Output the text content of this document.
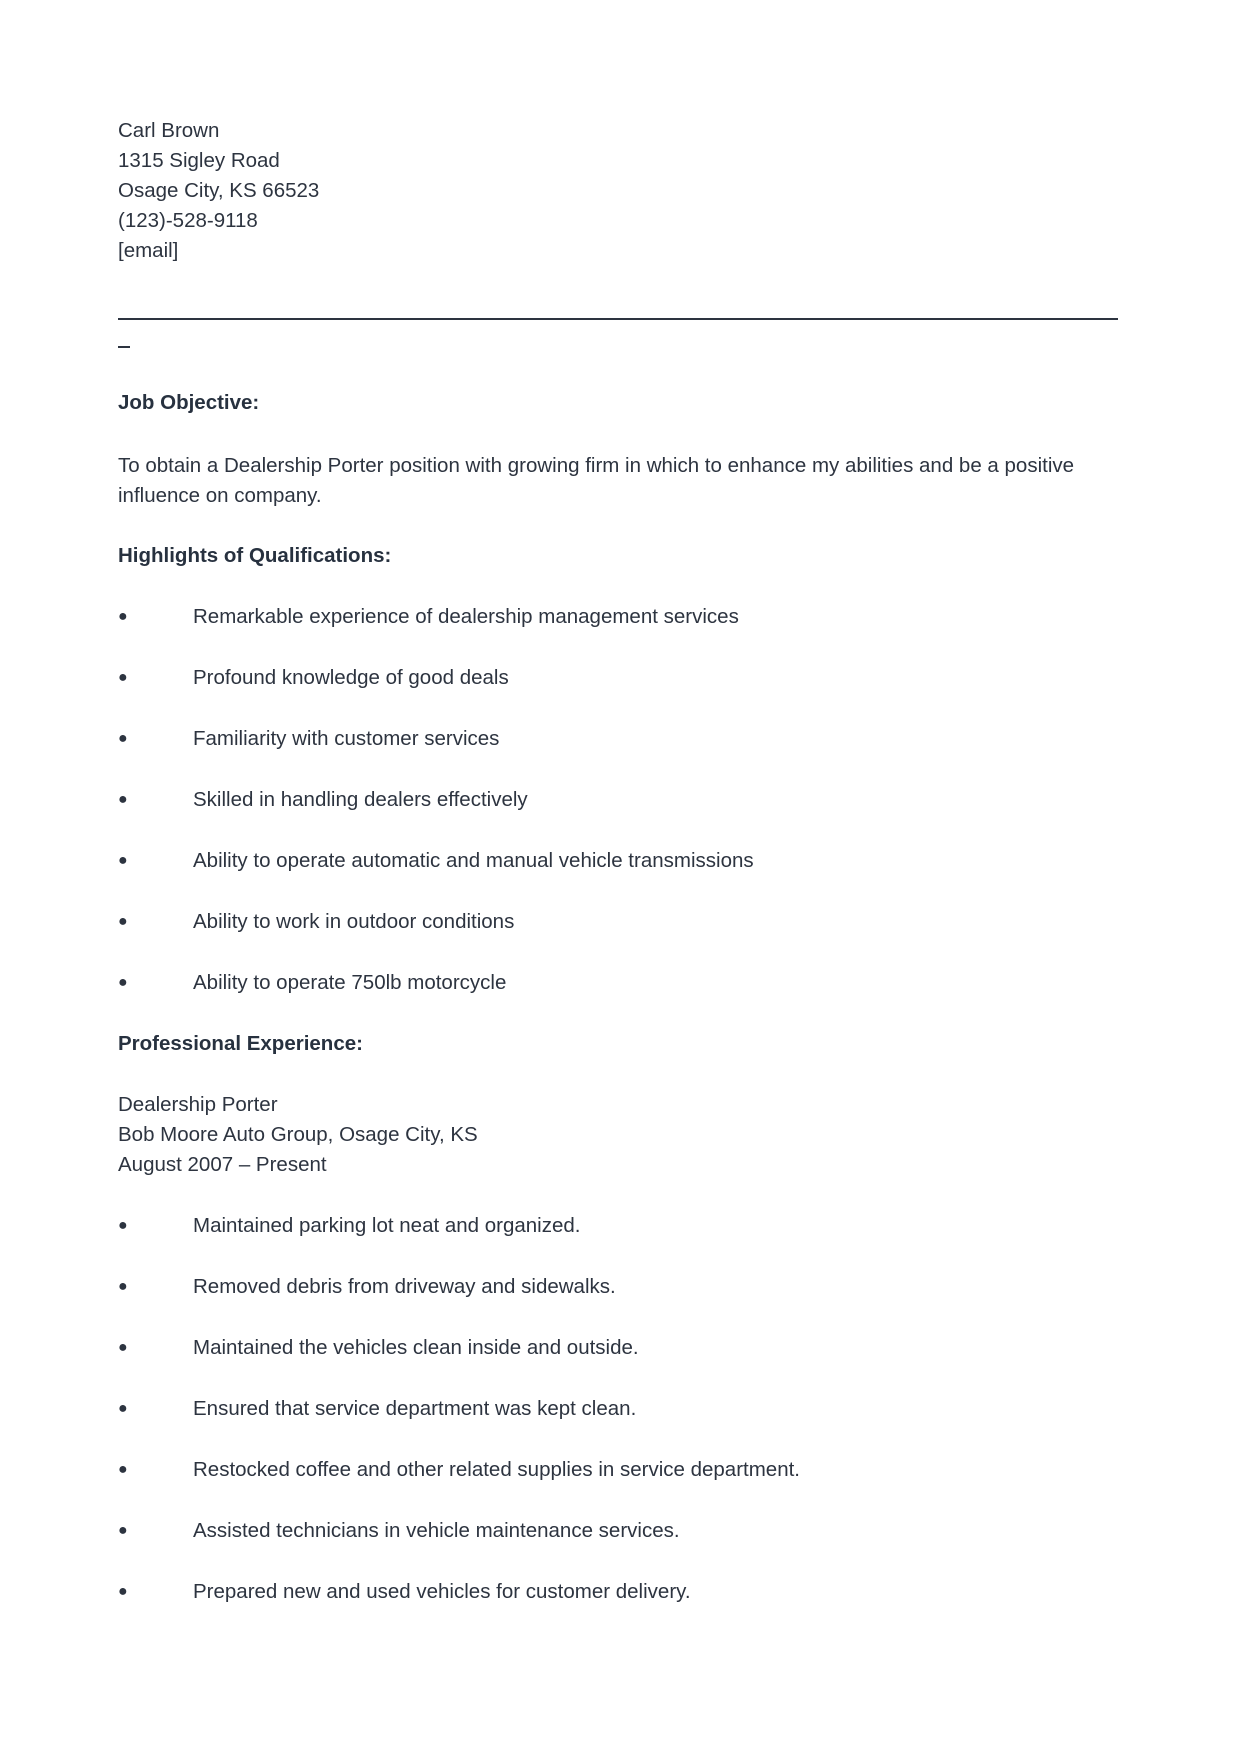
Carl Brown
1315 Sigley Road
Osage City, KS 66523
(123)-528-9118
[email]
Job Objective:
To obtain a Dealership Porter position with growing firm in which to enhance my abilities and be a positive influence on company.
Highlights of Qualifications:
●	Remarkable experience of dealership management services
●	Profound knowledge of good deals
●	Familiarity with customer services
●	Skilled in handling dealers effectively
●	Ability to operate automatic and manual vehicle transmissions
●	Ability to work in outdoor conditions
●	Ability to operate 750lb motorcycle
Professional Experience:
Dealership Porter
Bob Moore Auto Group, Osage City, KS
August 2007 – Present
●	Maintained parking lot neat and organized.
●	Removed debris from driveway and sidewalks.
●	Maintained the vehicles clean inside and outside.
●	Ensured that service department was kept clean.
●	Restocked coffee and other related supplies in service department.
●	Assisted technicians in vehicle maintenance services.
●	Prepared new and used vehicles for customer delivery.
